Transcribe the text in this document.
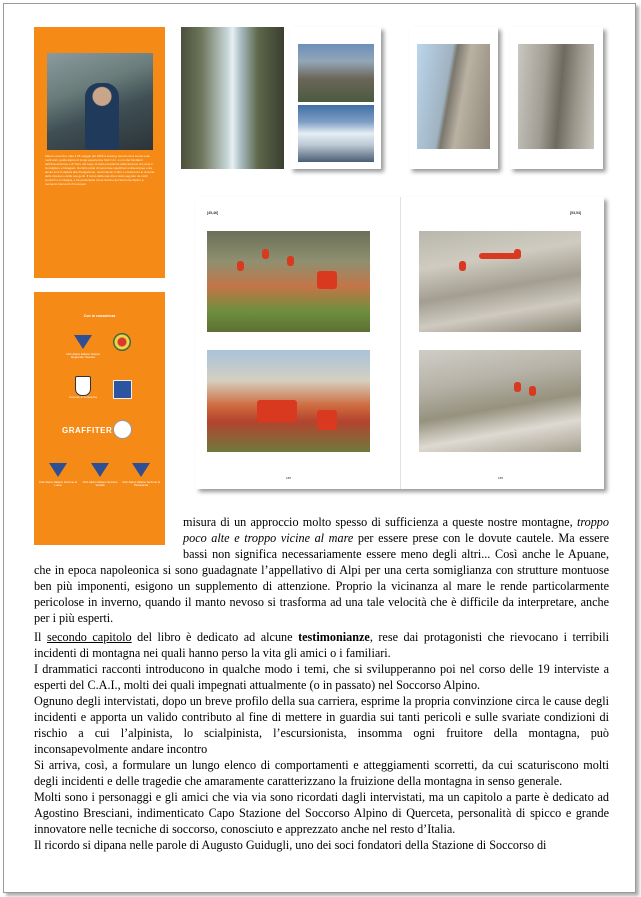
Mauro Lorenzini, nato il 15 maggio del 1939 a Lusang, lavora ora a Lucca e da molti anni, guida alpina di lunga esperienza. Dal C.A.I. è uno dei fondatori dell'Associazione e di Torre del Lago. È stato presidente della Sezione di Lucca e Consigliere e Delegato. Ha fatto parte di numerose spedizioni extraeuropee e da alcuni anni si dedica alla divulgazione, raccontando in libri e conferenze le vicende delle Apuane e delle sue genti. Il corso della sua vita è stato segnato da molti incontri in montagna, e ha partecipato come tecnico del Soccorso Alpino a numerosi interventi di recupero.
Con la consulenza
Club Alpino Italiano Gruppo Regionale Toscana
Comune di Seravezza
GRAFFITER
Club Alpino Italiano Sezione di Lucca
Club Alpino Italiano Sezione Versilia
Club Alpino Italiano Sezione di Pietrasanta
[45,46]	[53,54]
186	185

misura di un approccio molto spesso di sufficienza a queste nostre montagne, troppo poco alte e troppo vicine al mare per essere prese con le dovute cautele. Ma essere bassi non significa necessariamente essere meno degli altri... Così anche le Apuane, che in epoca napoleonica si sono guadagnate l’appellativo di Alpi per una certa somiglianza con strutture montuose ben più imponenti, esigono un supplemento di attenzione. Proprio la vicinanza al mare le rende particolarmente pericolose in inverno, quando il manto nevoso si trasforma ad una tale velocità che è difficile da interpretare, anche per i più esperti.

Il secondo capitolo del libro è dedicato ad alcune testimonianze, rese dai protagonisti che rievocano i terribili incidenti di montagna nei quali hanno perso la vita gli amici o i familiari.

I drammatici racconti introducono in qualche modo i temi, che si svilupperanno poi nel corso delle 19 interviste a esperti del C.A.I., molti dei quali impegnati attualmente (o in passato) nel Soccorso Alpino.

Ognuno degli intervistati, dopo un breve profilo della sua carriera, esprime la propria convinzione circa le cause degli incidenti e apporta un valido contributo al fine di mettere in guardia sui tanti pericoli e sulle svariate condizioni di rischio a cui l’alpinista, lo scialpinista, l’escursionista, insomma ogni fruitore della montagna, può inconsapevolmente andare incontro

Si arriva, così, a formulare un lungo elenco di comportamenti e atteggiamenti scorretti, da cui scaturiscono molti degli incidenti e delle tragedie che amaramente caratterizzano la fruizione della montagna in senso generale.

Molti sono i personaggi e gli amici che via via sono ricordati dagli intervistati, ma un capitolo a parte è dedicato ad Agostino Bresciani, indimenticato Capo Stazione del Soccorso Alpino di Querceta, personalità di spicco e grande innovatore nelle tecniche di soccorso, conosciuto e apprezzato anche nel resto d’Italia.

Il ricordo si dipana nelle parole di Augusto Guidugli, uno dei soci fondatori della Stazione di Soccorso di
